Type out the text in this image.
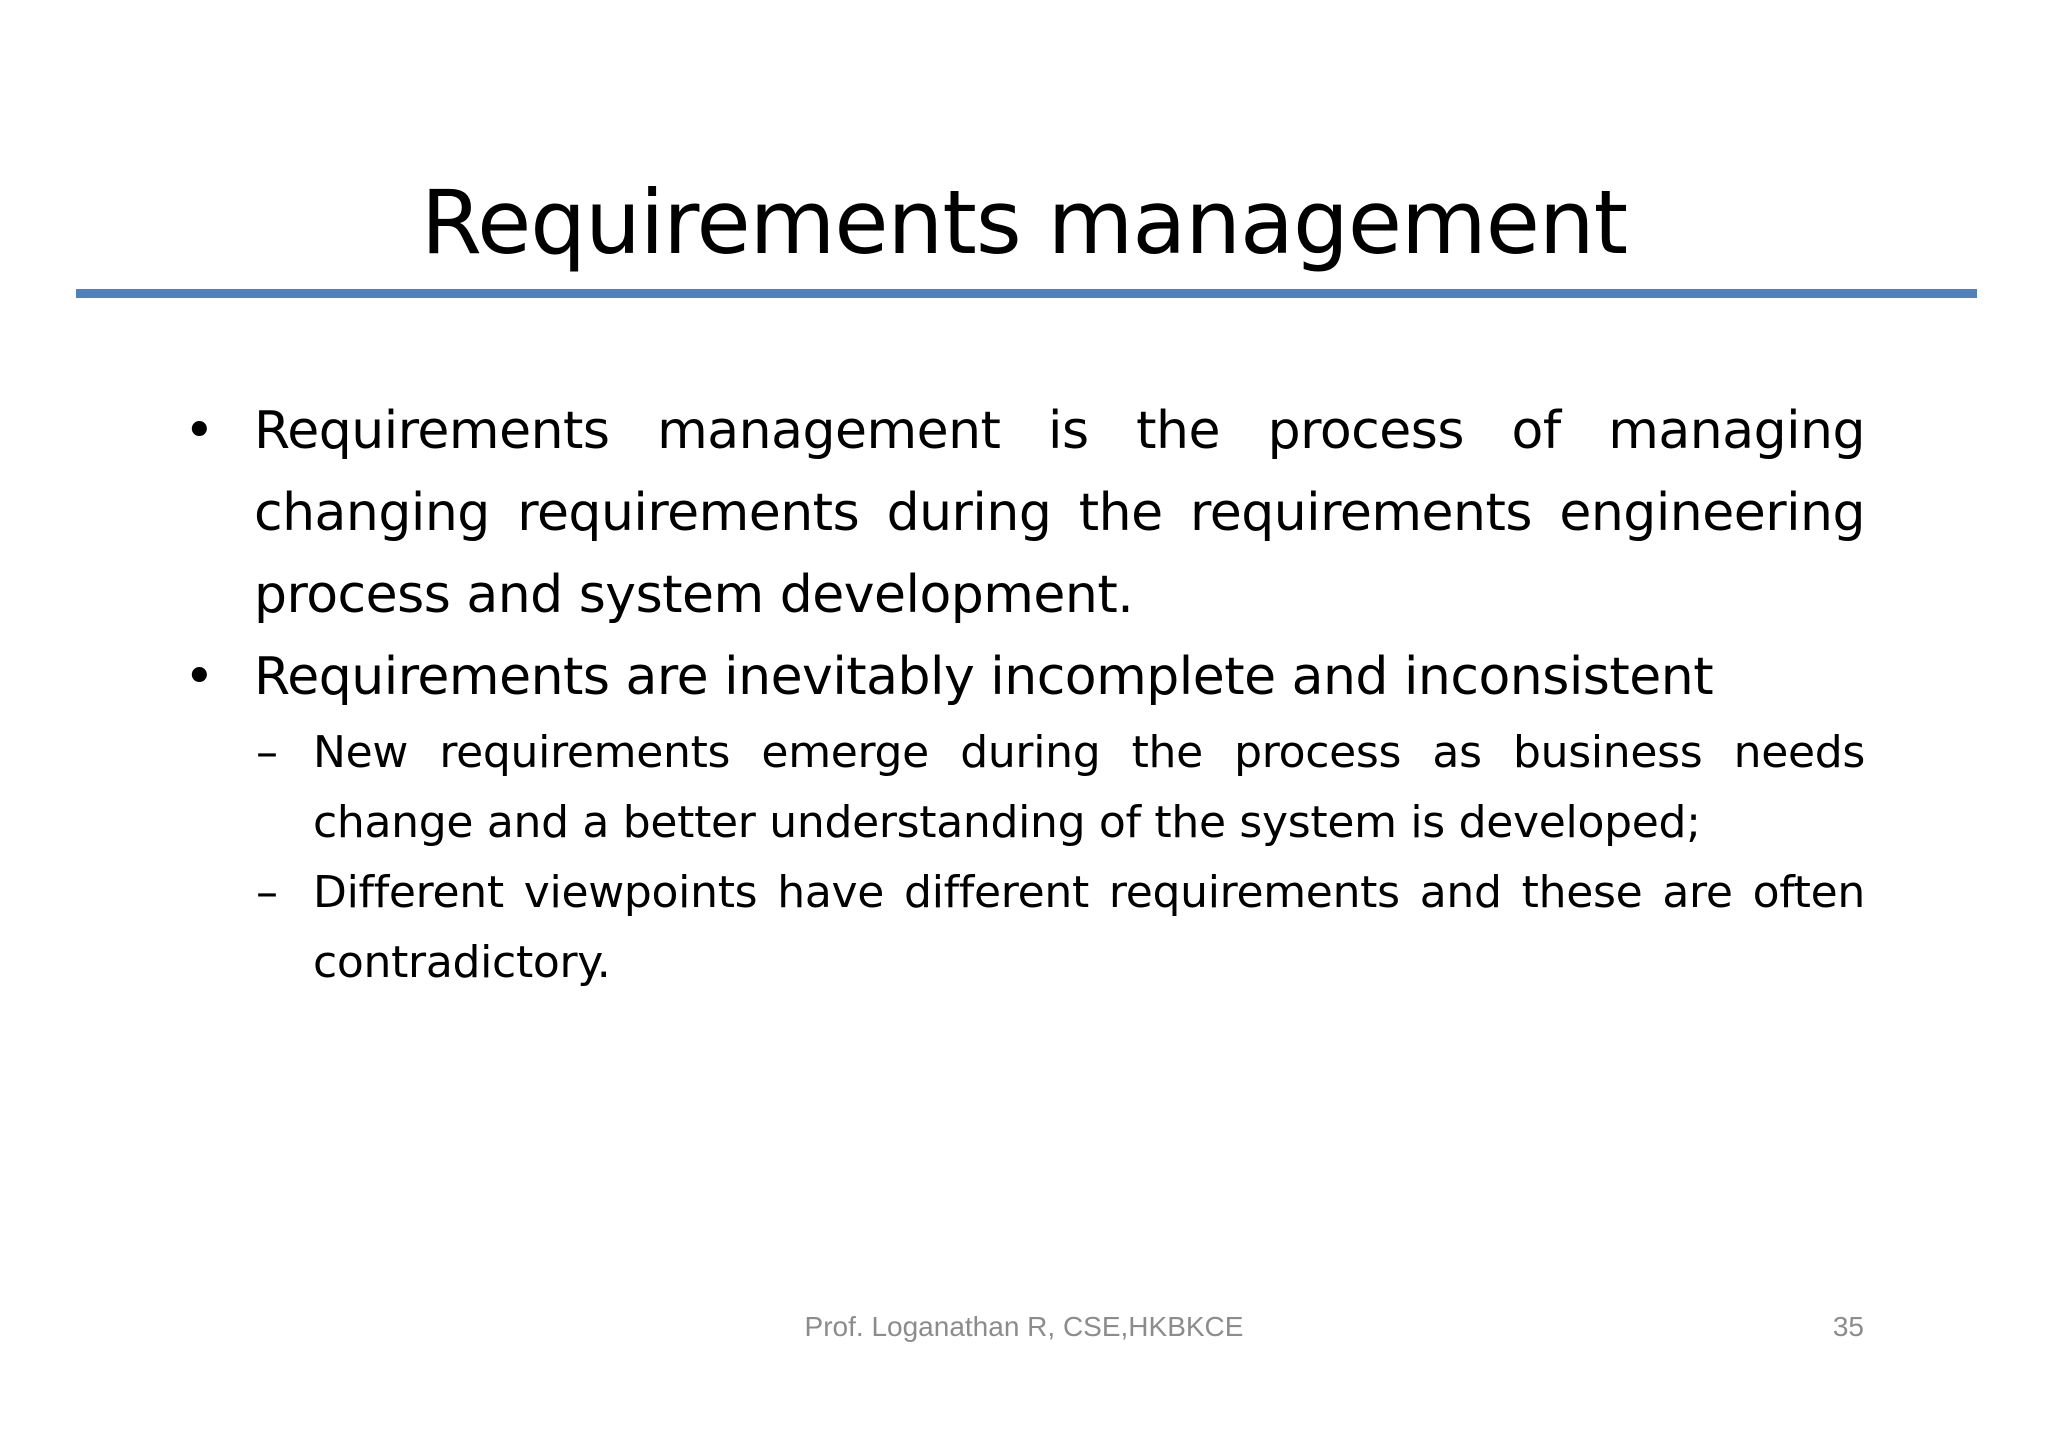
Requirements management
• Requirements management is the process of managing changing requirements during the requirements engineering process and system development.
• Requirements are inevitably incomplete and inconsistent
– New requirements emerge during the process as business needs change and a better understanding of the system is developed;
– Different viewpoints have different requirements and these are often contradictory.
Prof. Loganathan R, CSE,HKBKCE	35
